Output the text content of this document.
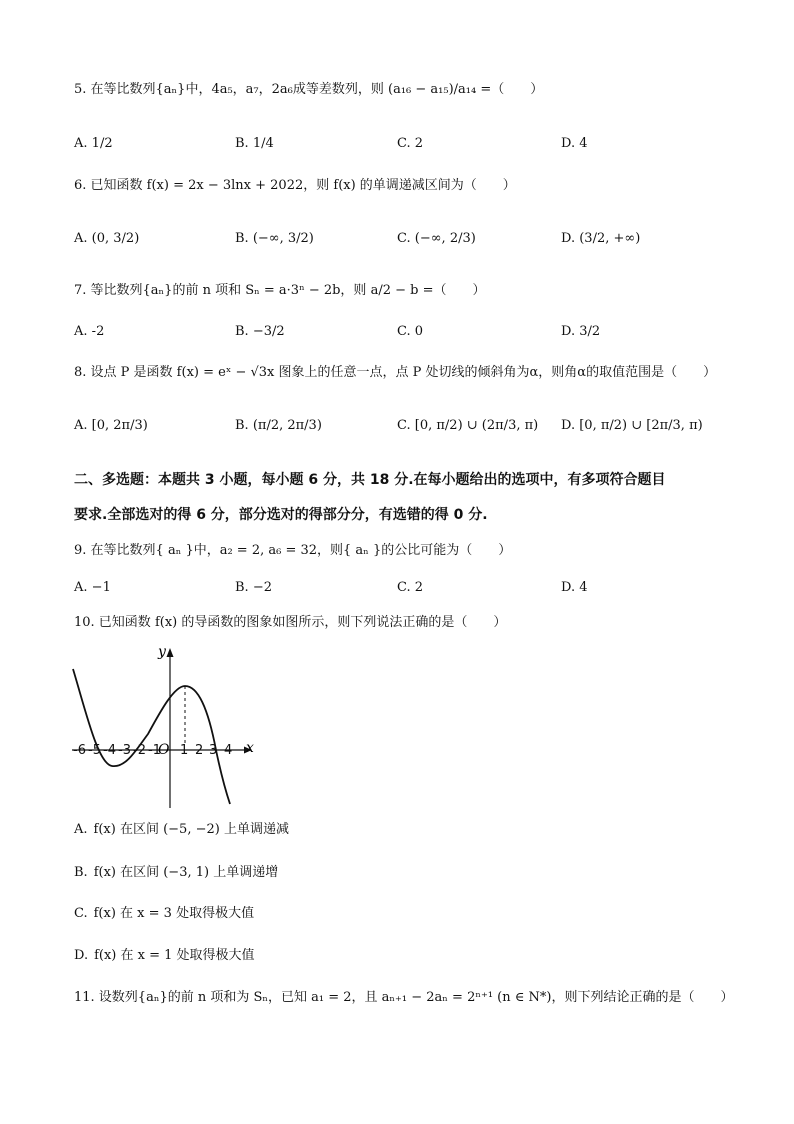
5. 在等比数列{aₙ}中，4a₅，a₇，2a₆成等差数列，则 (a₁₆ − a₁₅)/a₁₄ =（　　）
A. 1/2	B. 1/4	C. 2	D. 4
6. 已知函数 f(x) = 2x − 3lnx + 2022，则 f(x) 的单调递减区间为（　　）
A. (0, 3/2)	B. (−∞, 3/2)	C. (−∞, 2/3)	D. (3/2, +∞)
7. 等比数列{aₙ}的前 n 项和 Sₙ = a·3ⁿ − 2b，则 a/2 − b =（　　）
A. -2	B. −3/2	C. 0	D. 3/2
8. 设点 P 是函数 f(x) = eˣ − √3x 图象上的任意一点，点 P 处切线的倾斜角为α，则角α的取值范围是（　　）
A. [0, 2π/3)	B. (π/2, 2π/3)	C. [0, π/2) ∪ (2π/3, π) D. [0, π/2) ∪ [2π/3, π)
二、多选题：本题共 3 小题，每小题 6 分，共 18 分.在每小题给出的选项中，有多项符合题目
要求.全部选对的得 6 分，部分选对的得部分分，有选错的得 0 分.
9. 在等比数列{ aₙ }中，a₂ = 2, a₆ = 32，则{ aₙ }的公比可能为（　　）
A. −1	B. −2	C. 2	D. 4
10. 已知函数 f(x) 的导函数的图象如图所示，则下列说法正确的是（　　）
y
x
O
-6 -5 -4 -3 -2 -1 1 2 3 4
A. f(x) 在区间 (−5, −2) 上单调递减
B. f(x) 在区间 (−3, 1) 上单调递增
C. f(x) 在 x = 3 处取得极大值
D. f(x) 在 x = 1 处取得极大值
11. 设数列{aₙ}的前 n 项和为 Sₙ，已知 a₁ = 2，且 aₙ₊₁ − 2aₙ = 2ⁿ⁺¹ (n ∈ N*)，则下列结论正确的是（　　）
